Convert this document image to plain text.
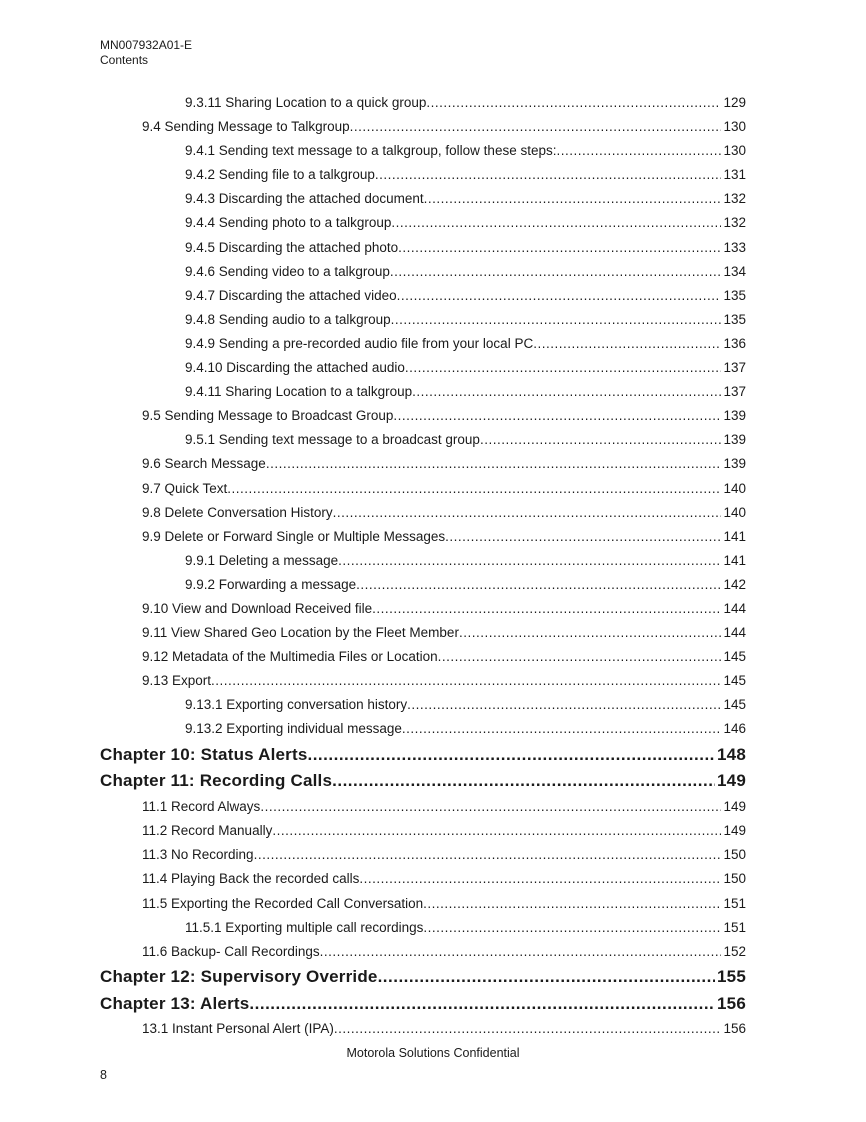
MN007932A01-E
Contents
9.3.11 Sharing Location to a quick group .....	129
9.4 Sending Message to Talkgroup .....	130
9.4.1 Sending text message to a talkgroup, follow these steps: .....	130
9.4.2 Sending file to a talkgroup .....	131
9.4.3 Discarding the attached document .....	132
9.4.4 Sending photo to a talkgroup .....	132
9.4.5 Discarding the attached photo .....	133
9.4.6 Sending video to a talkgroup .....	134
9.4.7 Discarding the attached video .....	135
9.4.8 Sending audio to a talkgroup .....	135
9.4.9 Sending a pre-recorded audio file from your local PC .....	136
9.4.10 Discarding the attached audio .....	137
9.4.11 Sharing Location to a talkgroup .....	137
9.5 Sending Message to Broadcast Group .....	139
9.5.1 Sending text message to a broadcast group .....	139
9.6 Search Message .....	139
9.7 Quick Text .....	140
9.8 Delete Conversation History .....	140
9.9 Delete or Forward Single or Multiple Messages .....	141
9.9.1 Deleting a message .....	141
9.9.2 Forwarding a message .....	142
9.10 View and Download Received file .....	144
9.11 View Shared Geo Location by the Fleet Member .....	144
9.12 Metadata of the Multimedia Files or Location .....	145
9.13 Export .....	145
9.13.1 Exporting conversation history .....	145
9.13.2 Exporting individual message .....	146
Chapter 10: Status Alerts .....	148
Chapter 11: Recording Calls .....	149
11.1 Record Always .....	149
11.2 Record Manually .....	149
11.3 No Recording .....	150
11.4 Playing Back the recorded calls .....	150
11.5 Exporting the Recorded Call Conversation .....	151
11.5.1 Exporting multiple call recordings .....	151
11.6 Backup- Call Recordings .....	152
Chapter 12: Supervisory Override .....	155
Chapter 13: Alerts .....	156
13.1 Instant Personal Alert (IPA) .....	156
Motorola Solutions Confidential
8
